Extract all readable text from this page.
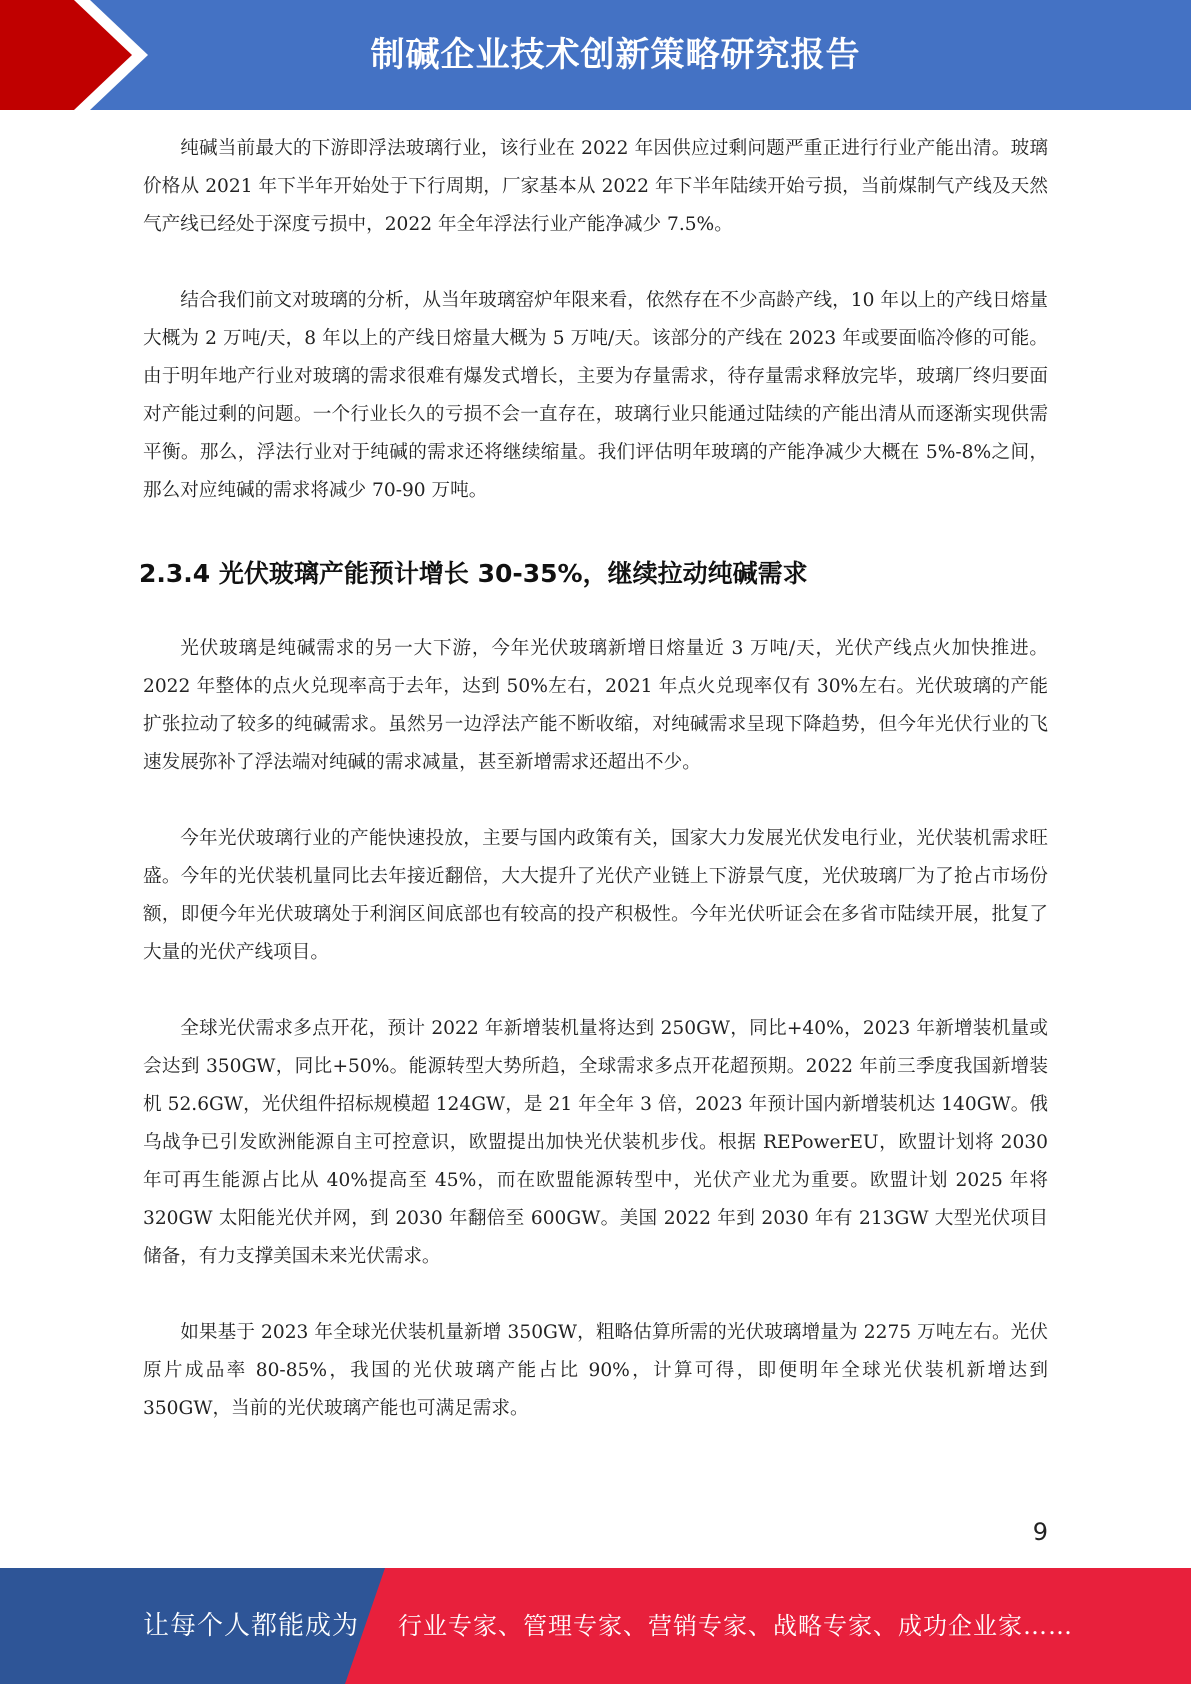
制碱企业技术创新策略研究报告

纯碱当前最大的下游即浮法玻璃行业，该行业在 2022 年因供应过剩问题严重正进行行业产能出清。玻璃价格从 2021 年下半年开始处于下行周期，厂家基本从 2022 年下半年陆续开始亏损，当前煤制气产线及天然气产线已经处于深度亏损中，2022 年全年浮法行业产能净减少 7.5%。

结合我们前文对玻璃的分析，从当年玻璃窑炉年限来看，依然存在不少高龄产线，10 年以上的产线日熔量大概为 2 万吨/天，8 年以上的产线日熔量大概为 5 万吨/天。该部分的产线在 2023 年或要面临冷修的可能。由于明年地产行业对玻璃的需求很难有爆发式增长，主要为存量需求，待存量需求释放完毕，玻璃厂终归要面对产能过剩的问题。一个行业长久的亏损不会一直存在，玻璃行业只能通过陆续的产能出清从而逐渐实现供需平衡。那么，浮法行业对于纯碱的需求还将继续缩量。我们评估明年玻璃的产能净减少大概在 5%-8%之间，那么对应纯碱的需求将减少 70-90 万吨。

2.3.4 光伏玻璃产能预计增长 30-35%，继续拉动纯碱需求

光伏玻璃是纯碱需求的另一大下游，今年光伏玻璃新增日熔量近 3 万吨/天，光伏产线点火加快推进。2022 年整体的点火兑现率高于去年，达到 50%左右，2021 年点火兑现率仅有 30%左右。光伏玻璃的产能扩张拉动了较多的纯碱需求。虽然另一边浮法产能不断收缩，对纯碱需求呈现下降趋势，但今年光伏行业的飞速发展弥补了浮法端对纯碱的需求减量，甚至新增需求还超出不少。

今年光伏玻璃行业的产能快速投放，主要与国内政策有关，国家大力发展光伏发电行业，光伏装机需求旺盛。今年的光伏装机量同比去年接近翻倍，大大提升了光伏产业链上下游景气度，光伏玻璃厂为了抢占市场份额，即便今年光伏玻璃处于利润区间底部也有较高的投产积极性。今年光伏听证会在多省市陆续开展，批复了大量的光伏产线项目。

全球光伏需求多点开花，预计 2022 年新增装机量将达到 250GW，同比+40%，2023 年新增装机量或会达到 350GW，同比+50%。能源转型大势所趋，全球需求多点开花超预期。2022 年前三季度我国新增装机 52.6GW，光伏组件招标规模超 124GW，是 21 年全年 3 倍，2023 年预计国内新增装机达 140GW。俄乌战争已引发欧洲能源自主可控意识，欧盟提出加快光伏装机步伐。根据 REPowerEU，欧盟计划将 2030 年可再生能源占比从 40%提高至 45%，而在欧盟能源转型中，光伏产业尤为重要。欧盟计划 2025 年将 320GW 太阳能光伏并网，到 2030 年翻倍至 600GW。美国 2022 年到 2030 年有 213GW 大型光伏项目储备，有力支撑美国未来光伏需求。

如果基于 2023 年全球光伏装机量新增 350GW，粗略估算所需的光伏玻璃增量为 2275 万吨左右。光伏原片成品率 80-85%，我国的光伏玻璃产能占比 90%，计算可得，即便明年全球光伏装机新增达到 350GW，当前的光伏玻璃产能也可满足需求。

9
让每个人都能成为 行业专家、管理专家、营销专家、战略专家、成功企业家……
